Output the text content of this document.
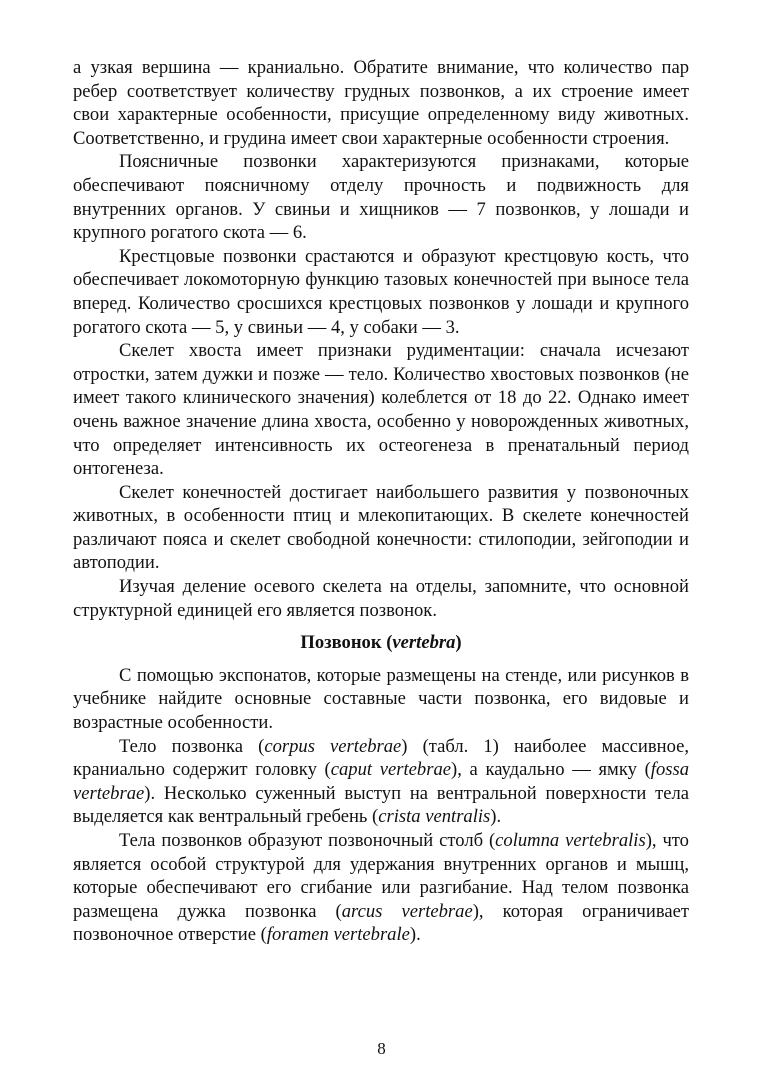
а узкая вершина — краниально. Обратите внимание, что количество пар ребер соответствует количеству грудных позвонков, а их строение имеет свои характерные особенности, присущие определенному виду животных. Соответственно, и грудина имеет свои характерные особенности строения.

Поясничные позвонки характеризуются признаками, которые обеспечивают поясничному отделу прочность и подвижность для внутренних органов. У свиньи и хищников — 7 позвонков, у лошади и крупного рогатого скота — 6.

Крестцовые позвонки срастаются и образуют крестцовую кость, что обеспечивает локомоторную функцию тазовых конечностей при выносе тела вперед. Количество сросшихся крестцовых позвонков у лошади и крупного рогатого скота — 5, у свиньи — 4, у собаки — 3.

Скелет хвоста имеет признаки рудиментации: сначала исчезают отростки, затем дужки и позже — тело. Количество хвостовых позвонков (не имеет такого клинического значения) колеблется от 18 до 22. Однако имеет очень важное значение длина хвоста, особенно у новорожденных животных, что определяет интенсивность их остеогенеза в пренатальный период онтогенеза.

Скелет конечностей достигает наибольшего развития у позвоночных животных, в особенности птиц и млекопитающих. В скелете конечностей различают пояса и скелет свободной конечности: стилоподии, зейгоподии и автоподии.

Изучая деление осевого скелета на отделы, запомните, что основной структурной единицей его является позвонок.

Позвонок (vertebra)

С помощью экспонатов, которые размещены на стенде, или рисунков в учебнике найдите основные составные части позвонка, его видовые и возрастные особенности.

Тело позвонка (corpus vertebrae) (табл. 1) наиболее массивное, краниально содержит головку (caput vertebrae), а каудально — ямку (fossa vertebrae). Несколько суженный выступ на вентральной поверхности тела выделяется как вентральный гребень (crista ventralis).

Тела позвонков образуют позвоночный столб (columna vertebralis), что является особой структурой для удержания внутренних органов и мышц, которые обеспечивают его сгибание или разгибание. Над телом позвонка размещена дужка позвонка (arcus vertebrae), которая ограничивает позвоночное отверстие (foramen vertebrale).

8
